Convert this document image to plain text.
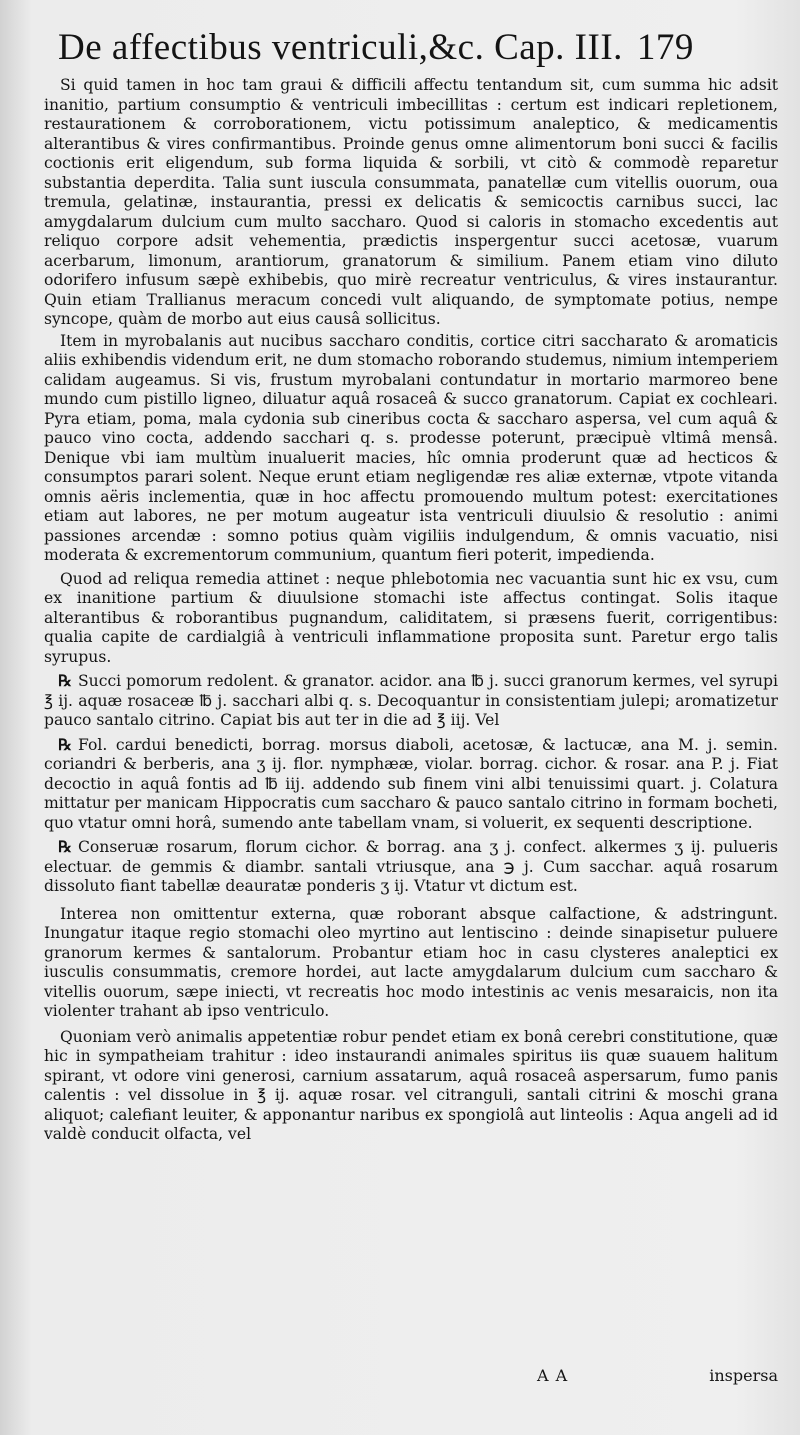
De affectibus ventriculi,&c. Cap. III. 179

Si quid tamen in hoc tam graui & difficili affectu tentandum sit, cum summa hic adsit inanitio, partium consumptio & ventriculi imbecillitas : certum est indicari repletionem, restaurationem & corroborationem, victu potissimum analeptico, & medicamentis alterantibus & vires confirmantibus. Proinde genus omne alimentorum boni succi & facilis coctionis erit eligendum, sub forma liquida & sorbili, vt citò & commodè reparetur substantia deperdita. Talia sunt iuscula consummata, panatellæ cum vitellis ouorum, oua tremula, gelatinæ, instaurantia, pressi ex delicatis & semicoctis carnibus succi, lac amygdalarum dulcium cum multo saccharo. Quod si caloris in stomacho excedentis aut reliquo corpore adsit vehementia, prædictis inspergentur succi acetosæ, vuarum acerbarum, limonum, arantiorum, granatorum & similium. Panem etiam vino diluto odorifero infusum sæpè exhibebis, quo mirè recreatur ventriculus, & vires instaurantur. Quin etiam Trallianus meracum concedi vult aliquando, de symptomate potius, nempe syncope, quàm de morbo aut eius causâ sollicitus.

Item in myrobalanis aut nucibus saccharo conditis, cortice citri saccharato & aromaticis aliis exhibendis videndum erit, ne dum stomacho roborando studemus, nimium intemperiem calidam augeamus. Si vis, frustum myrobalani contundatur in mortario marmoreo bene mundo cum pistillo ligneo, diluatur aquâ rosaceâ & succo granatorum. Capiat ex cochleari. Pyra etiam, poma, mala cydonia sub cineribus cocta & saccharo aspersa, vel cum aquâ & pauco vino cocta, addendo sacchari q. s. prodesse poterunt, præcipuè vltimâ mensâ. Denique vbi iam multùm inualuerit macies, hîc omnia proderunt quæ ad hecticos & consumptos parari solent. Neque erunt etiam negligendæ res aliæ externæ, vtpote vitanda omnis aëris inclementia, quæ in hoc affectu promouendo multum potest: exercitationes etiam aut labores, ne per motum augeatur ista ventriculi diuulsio & resolutio : animi passiones arcendæ : somno potius quàm vigiliis indulgendum, & omnis vacuatio, nisi moderata & excrementorum communium, quantum fieri poterit, impedienda.

Quod ad reliqua remedia attinet : neque phlebotomia nec vacuantia sunt hic ex vsu, cum ex inanitione partium & diuulsione stomachi iste affectus contingat. Solis itaque alterantibus & roborantibus pugnandum, caliditatem, si præsens fuerit, corrigentibus: qualia capite de cardialgiâ à ventriculi inflammatione proposita sunt. Paretur ergo talis syrupus.

℞ Succi pomorum redolent. & granator. acidor. ana ℔ j. succi granorum kermes, vel syrupi ℥ ij. aquæ rosaceæ ℔ j. sacchari albi q. s. Decoquantur in consistentiam julepi; aromatizetur pauco santalo citrino. Capiat bis aut ter in die ad ℥ iij. Vel

℞ Fol. cardui benedicti, borrag. morsus diaboli, acetosæ, & lactucæ, ana M. j. semin. coriandri & berberis, ana ʒ ij. flor. nymphææ, violar. borrag. cichor. & rosar. ana P. j. Fiat decoctio in aquâ fontis ad ℔ iij. addendo sub finem vini albi tenuissimi quart. j. Colatura mittatur per manicam Hippocratis cum saccharo & pauco santalo citrino in formam bocheti, quo vtatur omni horâ, sumendo ante tabellam vnam, si voluerit, ex sequenti descriptione.

℞ Conseruæ rosarum, florum cichor. & borrag. ana ʒ j. confect. alkermes ʒ ij. pulueris electuar. de gemmis & diambr. santali vtriusque, ana ℈ j. Cum sacchar. aquâ rosarum dissoluto fiant tabellæ deauratæ ponderis ʒ ij. Vtatur vt dictum est.

Interea non omittentur externa, quæ roborant absque calfactione, & adstringunt. Inungatur itaque regio stomachi oleo myrtino aut lentiscino : deinde sinapisetur puluere granorum kermes & santalorum. Probantur etiam hoc in casu clysteres analeptici ex iusculis consummatis, cremore hordei, aut lacte amygdalarum dulcium cum saccharo & vitellis ouorum, sæpe iniecti, vt recreatis hoc modo intestinis ac venis mesaraicis, non ita violenter trahant ab ipso ventriculo.

Quoniam verò animalis appetentiæ robur pendet etiam ex bonâ cerebri constitutione, quæ hic in sympatheiam trahitur : ideo instaurandi animales spiritus iis quæ suauem halitum spirant, vt odore vini generosi, carnium assatarum, aquâ rosaceâ aspersarum, fumo panis calentis : vel dissolue in ℥ ij. aquæ rosar. vel citranguli, santali citrini & moschi grana aliquot; calefiant leuiter, & apponantur naribus ex spongiolâ aut linteolis : Aqua angeli ad id valdè conducit olfacta, vel

A A	inspersa
